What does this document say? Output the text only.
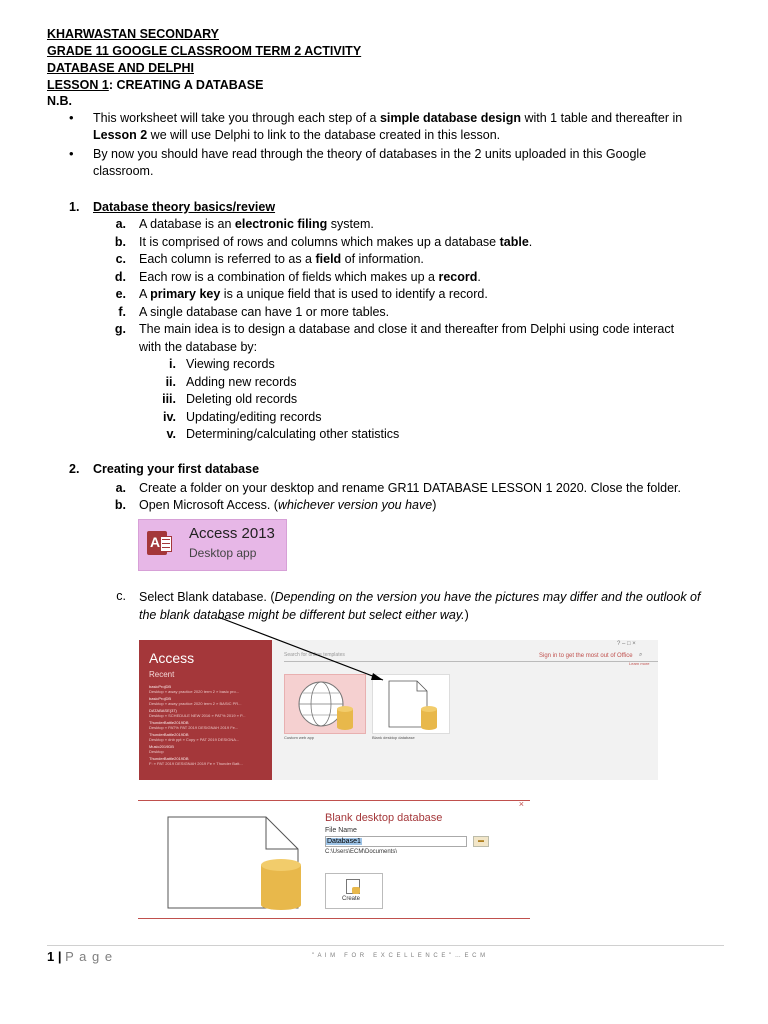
KHARWASTAN SECONDARY
GRADE 11 GOOGLE CLASSROOM TERM 2 ACTIVITY
DATABASE AND DELPHI
LESSON 1: CREATING A DATABASE
N.B.
• This worksheet will take you through each step of a simple database design with 1 table and thereafter in
Lesson 2 we will use Delphi to link to the database created in this lesson.
• By now you should have read through the theory of databases in the 2 units uploaded in this Google
classroom.
1. Database theory basics/review
a. A database is an electronic filing system.
b. It is comprised of rows and columns which makes up a database table.
c. Each column is referred to as a field of information.
d. Each row is a combination of fields which makes up a record.
e. A primary key is a unique field that is used to identify a record.
f. A single database can have 1 or more tables.
g. The main idea is to design a database and close it and thereafter from Delphi using code interact
with the database by:
i. Viewing records
ii. Adding new records
iii. Deleting old records
iv. Updating/editing records
v. Determining/calculating other statistics
2. Creating your first database
a. Create a folder on your desktop and rename GR11 DATABASE LESSON 1 2020. Close the folder.
b. Open Microsoft Access. (whichever version you have)
A Access 2013
Desktop app
c. Select Blank database. (Depending on the version you have the pictures may differ and the outlook of
the blank database might be different but select either way.)
Access
Recent
basicProjDB
Desktop » away practice 2020 term 2 » basic pro...
basicProjDB
Desktop » away practice 2020 term 2 » BASIC PR...
DATABASE(37)
Desktop » SCHEDULE NEW 2016 » PAT% 2019 » P...
ThunderBattle2019DB
Desktop » PAT% PAT 2019 DESIGNAH 2019 Fe...
ThunderBattle2019DB
Desktop » dnb ppt » Copy » PAT 2019 DESIGNA...
Music2019DB
Desktop
ThunderBattle2019DB
F: » PAT 2019 DESIGNAH 2019 Fe » Thunder Batt...
Search for online templates	⌕
? – □ ×
Sign in to get the most out of Office
Learn more
Custom web app	Blank desktop database
×
Blank desktop database
File Name
Database1	▬
C:\Users\ECM\Documents\
Create
1 | P a g e	" A I M   F O R   E X C E L L E N C E " … E C M
